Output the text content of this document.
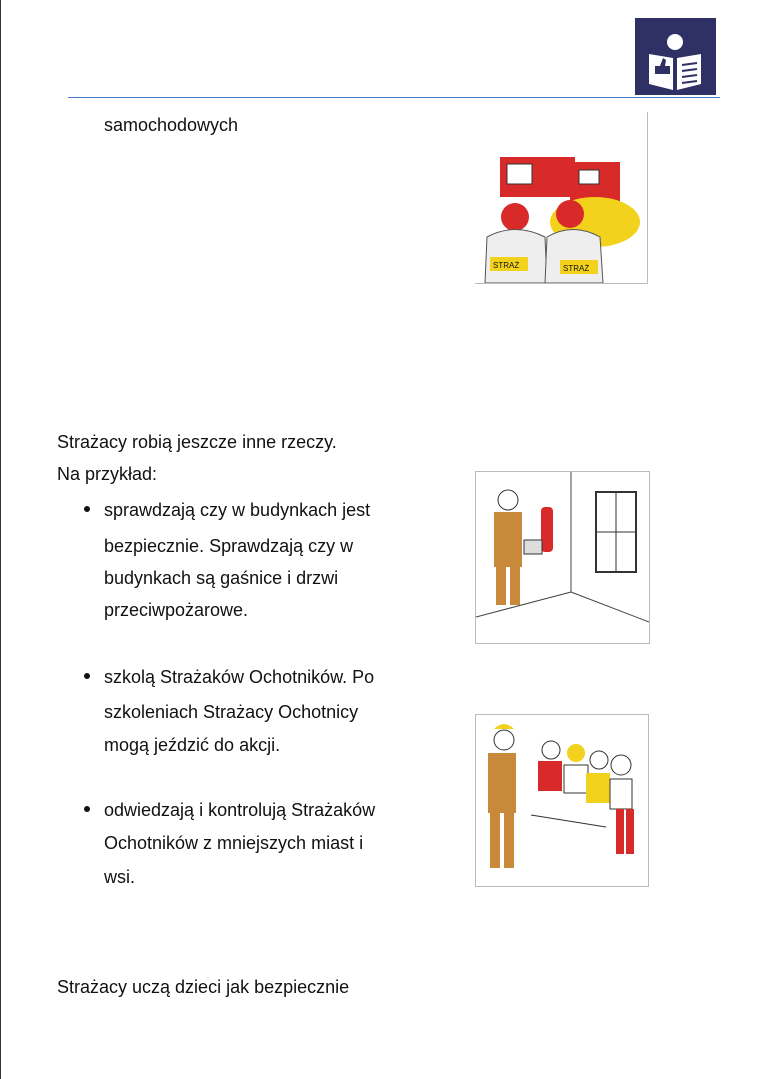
samochodowych
STRAŻ	STRAŻ
Strażacy robią jeszcze inne rzeczy.
Na przykład:
sprawdzają czy w budynkach jest
bezpiecznie. Sprawdzają czy w
budynkach są gaśnice i drzwi
przeciwpożarowe.
szkolą Strażaków Ochotników. Po
szkoleniach Strażacy Ochotnicy
mogą jeździć do akcji.
odwiedzają i kontrolują Strażaków
Ochotników z mniejszych miast i
wsi.
Strażacy uczą dzieci jak bezpiecznie
